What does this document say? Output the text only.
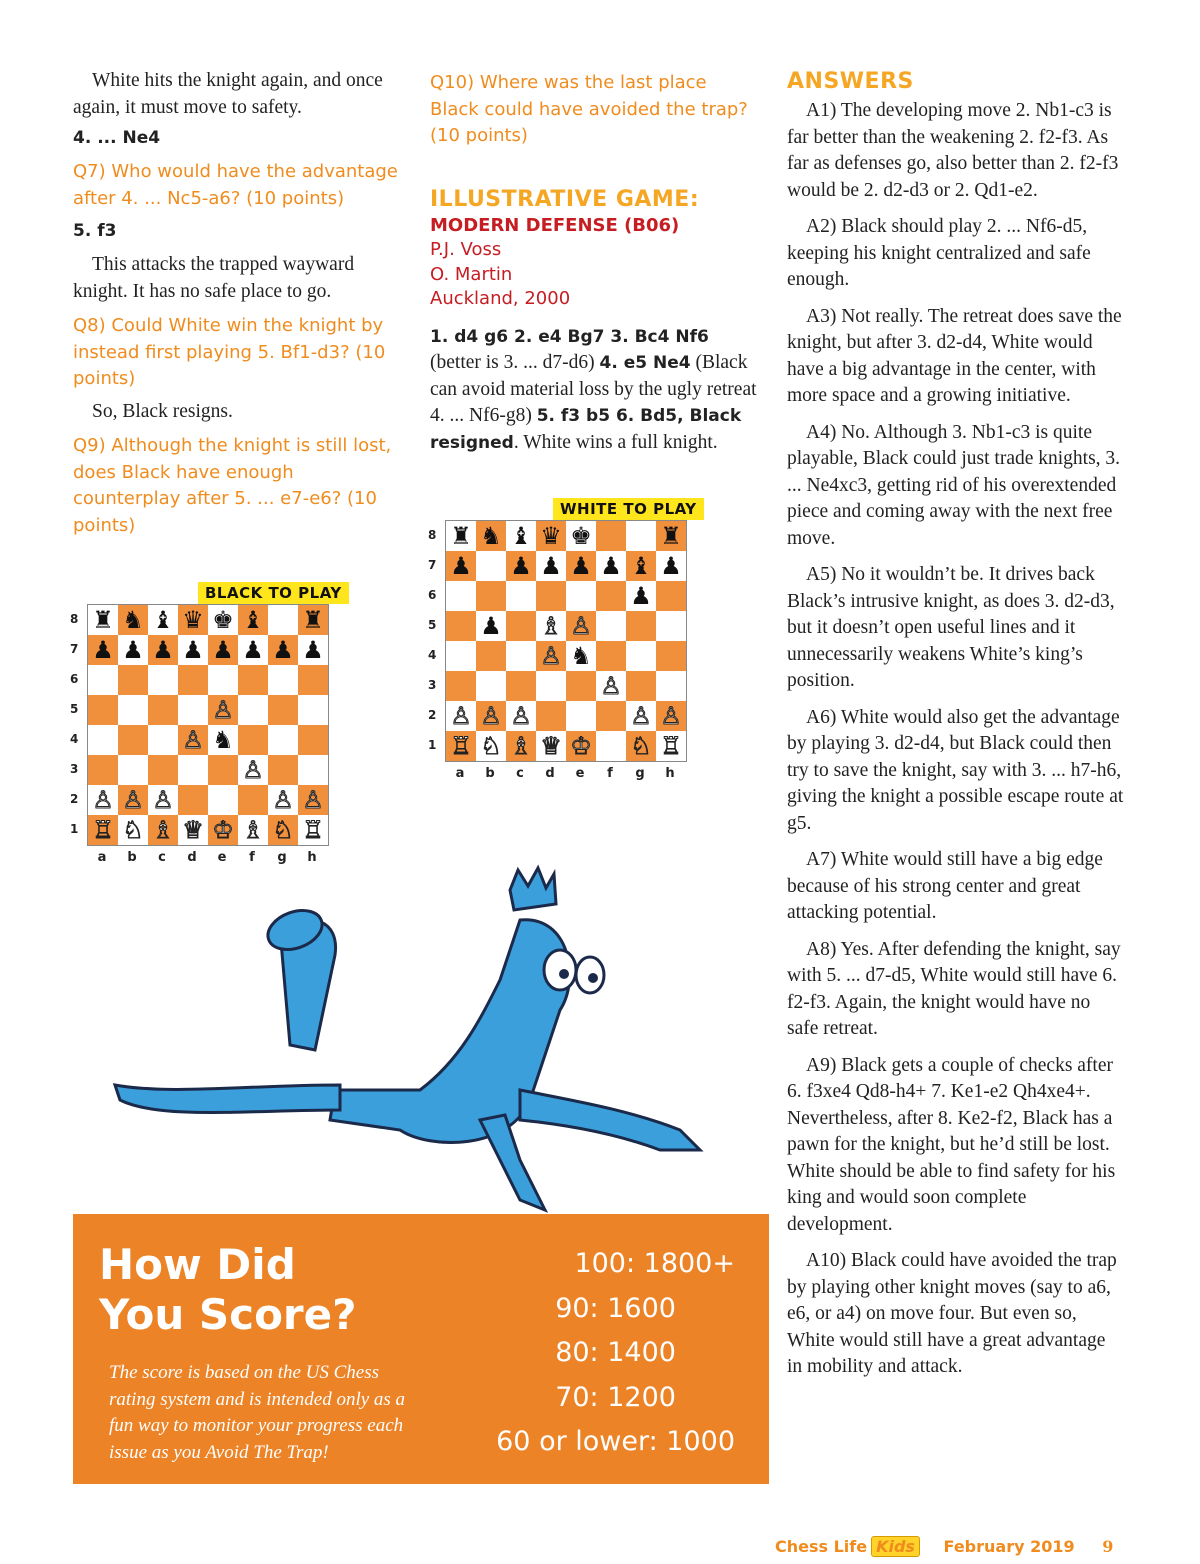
White hits the knight again, and once again, it must move to safety.

4. ... Ne4

Q7) Who would have the advantage after 4. ... Nc5-a6? (10 points)

5. f3

This attacks the trapped wayward knight. It has no safe place to go.

Q8) Could White win the knight by instead first playing 5. Bf1-d3? (10 points)

So, Black resigns.

Q9) Although the knight is still lost, does Black have enough counterplay after 5. ... e7-e6? (10 points)

BLACK TO PLAY
♜ ♞ ♝ ♛ ♚ ♝ ♜
♟ ♟ ♟ ♟ ♟ ♟ ♟ ♟
♙
♙ ♞
♙
♙ ♙ ♙	♙ ♙
♖ ♘ ♗ ♕ ♔ ♗ ♘ ♖
8
7
6
5
4
3
2
1
a	b	c	d	e	f	g	h

Q10) Where was the last place Black could have avoided the trap? (10 points)

ILLUSTRATIVE GAME:

MODERN DEFENSE (B06)

P.J. Voss

O. Martin

Auckland, 2000

1. d4 g6 2. e4 Bg7 3. Bc4 Nf6 (better is 3. ... d7-d6) 4. e5 Ne4 (Black can avoid material loss by the ugly retreat 4. ... Nf6-g8) 5. f3 b5 6. Bd5, Black resigned. White wins a full knight.

WHITE TO PLAY
♜ ♞ ♝ ♛ ♚	♜
♟ ♟ ♟ ♟ ♟ ♝ ♟
♟
♟ ♗ ♙
♙ ♞
♙
♙ ♙ ♙	♙ ♙
♖ ♘ ♗ ♕ ♔ ♘ ♖
8
7
6
5
4
3
2
1
a	b	c	d	e	f	g	h

ANSWERS

A1) The developing move 2. Nb1-c3 is far better than the weakening 2. f2-f3. As far as defenses go, also better than 2. f2-f3 would be 2. d2-d3 or 2. Qd1-e2.

A2) Black should play 2. ... Nf6-d5, keeping his knight centralized and safe enough.

A3) Not really. The retreat does save the knight, but after 3. d2-d4, White would have a big advantage in the center, with more space and a growing initiative.

A4) No. Although 3. Nb1-c3 is quite playable, Black could just trade knights, 3. ... Ne4xc3, getting rid of his overextended piece and coming away with the next free move.

A5) No it wouldn’t be. It drives back Black’s intrusive knight, as does 3. d2-d3, but it doesn’t open useful lines and it unnecessarily weakens White’s king’s position.

A6) White would also get the advantage by playing 3. d2-d4, but Black could then try to save the knight, say with 3. ... h7-h6, giving the knight a possible escape route at g5.

A7) White would still have a big edge because of his strong center and great attacking potential.

A8) Yes. After defending the knight, say with 5. ... d7-d5, White would still have 6. f2-f3. Again, the knight would have no safe retreat.

A9) Black gets a couple of checks after 6. f3xe4 Qd8-h4+ 7. Ke1-e2 Qh4xe4+. Nevertheless, after 8. Ke2-f2, Black has a pawn for the knight, but he’d still be lost. White should be able to find safety for his king and would soon complete development.

A10) Black could have avoided the trap by playing other knight moves (say to a6, e6, or a4) on move four. But even so, White would still have a great advantage in mobility and attack.

How Did
You Score?

The score is based on the US Chess rating system and is intended only as a fun way to monitor your progress each issue as you Avoid The Trap!

100: 1800+
90: 1600
80: 1400
70: 1200
60 or lower: 1000
Chess Life Kids February 2019 9
